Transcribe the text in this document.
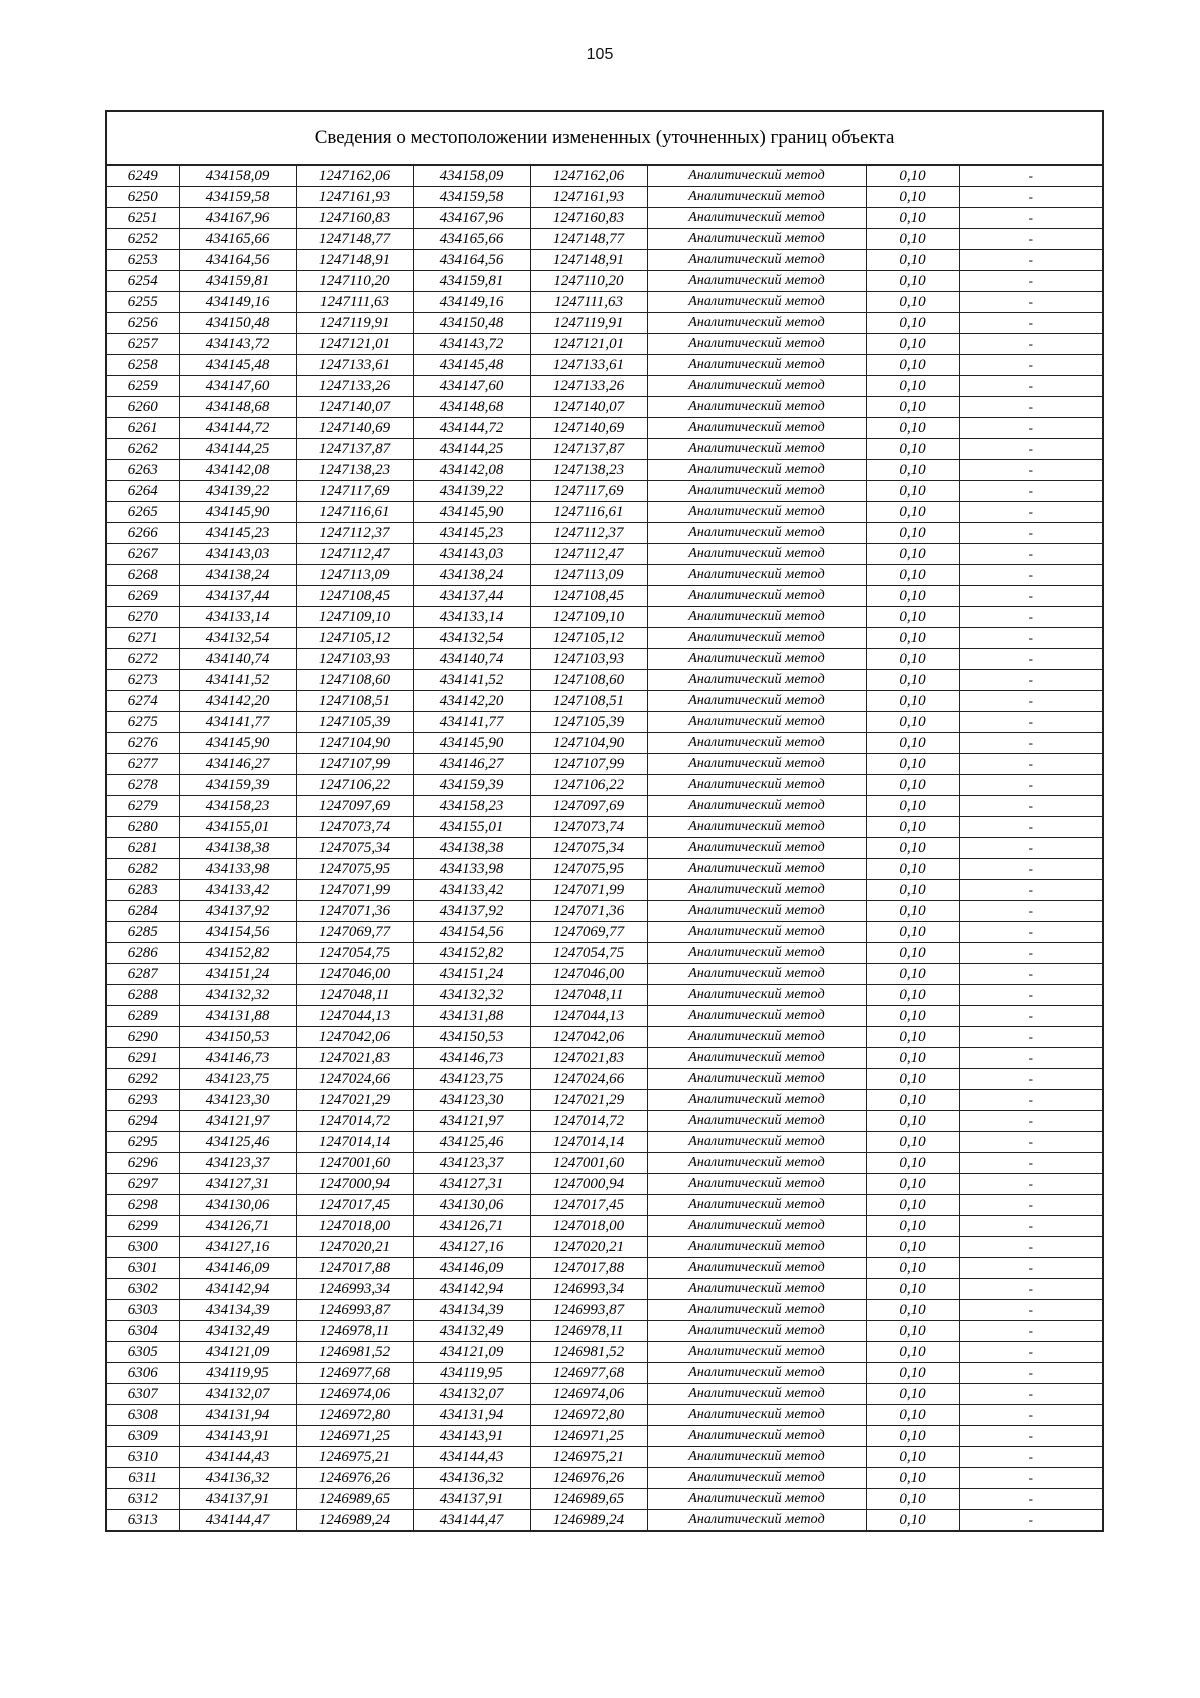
105
Сведения о местоположении измененных (уточненных) границ объекта							
6249	434158,09	1247162,06	434158,09	1247162,06	Аналитический метод	0,10	-
6250	434159,58	1247161,93	434159,58	1247161,93	Аналитический метод	0,10	-
6251	434167,96	1247160,83	434167,96	1247160,83	Аналитический метод	0,10	-
6252	434165,66	1247148,77	434165,66	1247148,77	Аналитический метод	0,10	-
6253	434164,56	1247148,91	434164,56	1247148,91	Аналитический метод	0,10	-
6254	434159,81	1247110,20	434159,81	1247110,20	Аналитический метод	0,10	-
6255	434149,16	1247111,63	434149,16	1247111,63	Аналитический метод	0,10	-
6256	434150,48	1247119,91	434150,48	1247119,91	Аналитический метод	0,10	-
6257	434143,72	1247121,01	434143,72	1247121,01	Аналитический метод	0,10	-
6258	434145,48	1247133,61	434145,48	1247133,61	Аналитический метод	0,10	-
6259	434147,60	1247133,26	434147,60	1247133,26	Аналитический метод	0,10	-
6260	434148,68	1247140,07	434148,68	1247140,07	Аналитический метод	0,10	-
6261	434144,72	1247140,69	434144,72	1247140,69	Аналитический метод	0,10	-
6262	434144,25	1247137,87	434144,25	1247137,87	Аналитический метод	0,10	-
6263	434142,08	1247138,23	434142,08	1247138,23	Аналитический метод	0,10	-
6264	434139,22	1247117,69	434139,22	1247117,69	Аналитический метод	0,10	-
6265	434145,90	1247116,61	434145,90	1247116,61	Аналитический метод	0,10	-
6266	434145,23	1247112,37	434145,23	1247112,37	Аналитический метод	0,10	-
6267	434143,03	1247112,47	434143,03	1247112,47	Аналитический метод	0,10	-
6268	434138,24	1247113,09	434138,24	1247113,09	Аналитический метод	0,10	-
6269	434137,44	1247108,45	434137,44	1247108,45	Аналитический метод	0,10	-
6270	434133,14	1247109,10	434133,14	1247109,10	Аналитический метод	0,10	-
6271	434132,54	1247105,12	434132,54	1247105,12	Аналитический метод	0,10	-
6272	434140,74	1247103,93	434140,74	1247103,93	Аналитический метод	0,10	-
6273	434141,52	1247108,60	434141,52	1247108,60	Аналитический метод	0,10	-
6274	434142,20	1247108,51	434142,20	1247108,51	Аналитический метод	0,10	-
6275	434141,77	1247105,39	434141,77	1247105,39	Аналитический метод	0,10	-
6276	434145,90	1247104,90	434145,90	1247104,90	Аналитический метод	0,10	-
6277	434146,27	1247107,99	434146,27	1247107,99	Аналитический метод	0,10	-
6278	434159,39	1247106,22	434159,39	1247106,22	Аналитический метод	0,10	-
6279	434158,23	1247097,69	434158,23	1247097,69	Аналитический метод	0,10	-
6280	434155,01	1247073,74	434155,01	1247073,74	Аналитический метод	0,10	-
6281	434138,38	1247075,34	434138,38	1247075,34	Аналитический метод	0,10	-
6282	434133,98	1247075,95	434133,98	1247075,95	Аналитический метод	0,10	-
6283	434133,42	1247071,99	434133,42	1247071,99	Аналитический метод	0,10	-
6284	434137,92	1247071,36	434137,92	1247071,36	Аналитический метод	0,10	-
6285	434154,56	1247069,77	434154,56	1247069,77	Аналитический метод	0,10	-
6286	434152,82	1247054,75	434152,82	1247054,75	Аналитический метод	0,10	-
6287	434151,24	1247046,00	434151,24	1247046,00	Аналитический метод	0,10	-
6288	434132,32	1247048,11	434132,32	1247048,11	Аналитический метод	0,10	-
6289	434131,88	1247044,13	434131,88	1247044,13	Аналитический метод	0,10	-
6290	434150,53	1247042,06	434150,53	1247042,06	Аналитический метод	0,10	-
6291	434146,73	1247021,83	434146,73	1247021,83	Аналитический метод	0,10	-
6292	434123,75	1247024,66	434123,75	1247024,66	Аналитический метод	0,10	-
6293	434123,30	1247021,29	434123,30	1247021,29	Аналитический метод	0,10	-
6294	434121,97	1247014,72	434121,97	1247014,72	Аналитический метод	0,10	-
6295	434125,46	1247014,14	434125,46	1247014,14	Аналитический метод	0,10	-
6296	434123,37	1247001,60	434123,37	1247001,60	Аналитический метод	0,10	-
6297	434127,31	1247000,94	434127,31	1247000,94	Аналитический метод	0,10	-
6298	434130,06	1247017,45	434130,06	1247017,45	Аналитический метод	0,10	-
6299	434126,71	1247018,00	434126,71	1247018,00	Аналитический метод	0,10	-
6300	434127,16	1247020,21	434127,16	1247020,21	Аналитический метод	0,10	-
6301	434146,09	1247017,88	434146,09	1247017,88	Аналитический метод	0,10	-
6302	434142,94	1246993,34	434142,94	1246993,34	Аналитический метод	0,10	-
6303	434134,39	1246993,87	434134,39	1246993,87	Аналитический метод	0,10	-
6304	434132,49	1246978,11	434132,49	1246978,11	Аналитический метод	0,10	-
6305	434121,09	1246981,52	434121,09	1246981,52	Аналитический метод	0,10	-
6306	434119,95	1246977,68	434119,95	1246977,68	Аналитический метод	0,10	-
6307	434132,07	1246974,06	434132,07	1246974,06	Аналитический метод	0,10	-
6308	434131,94	1246972,80	434131,94	1246972,80	Аналитический метод	0,10	-
6309	434143,91	1246971,25	434143,91	1246971,25	Аналитический метод	0,10	-
6310	434144,43	1246975,21	434144,43	1246975,21	Аналитический метод	0,10	-
6311	434136,32	1246976,26	434136,32	1246976,26	Аналитический метод	0,10	-
6312	434137,91	1246989,65	434137,91	1246989,65	Аналитический метод	0,10	-
6313	434144,47	1246989,24	434144,47	1246989,24	Аналитический метод	0,10	-
